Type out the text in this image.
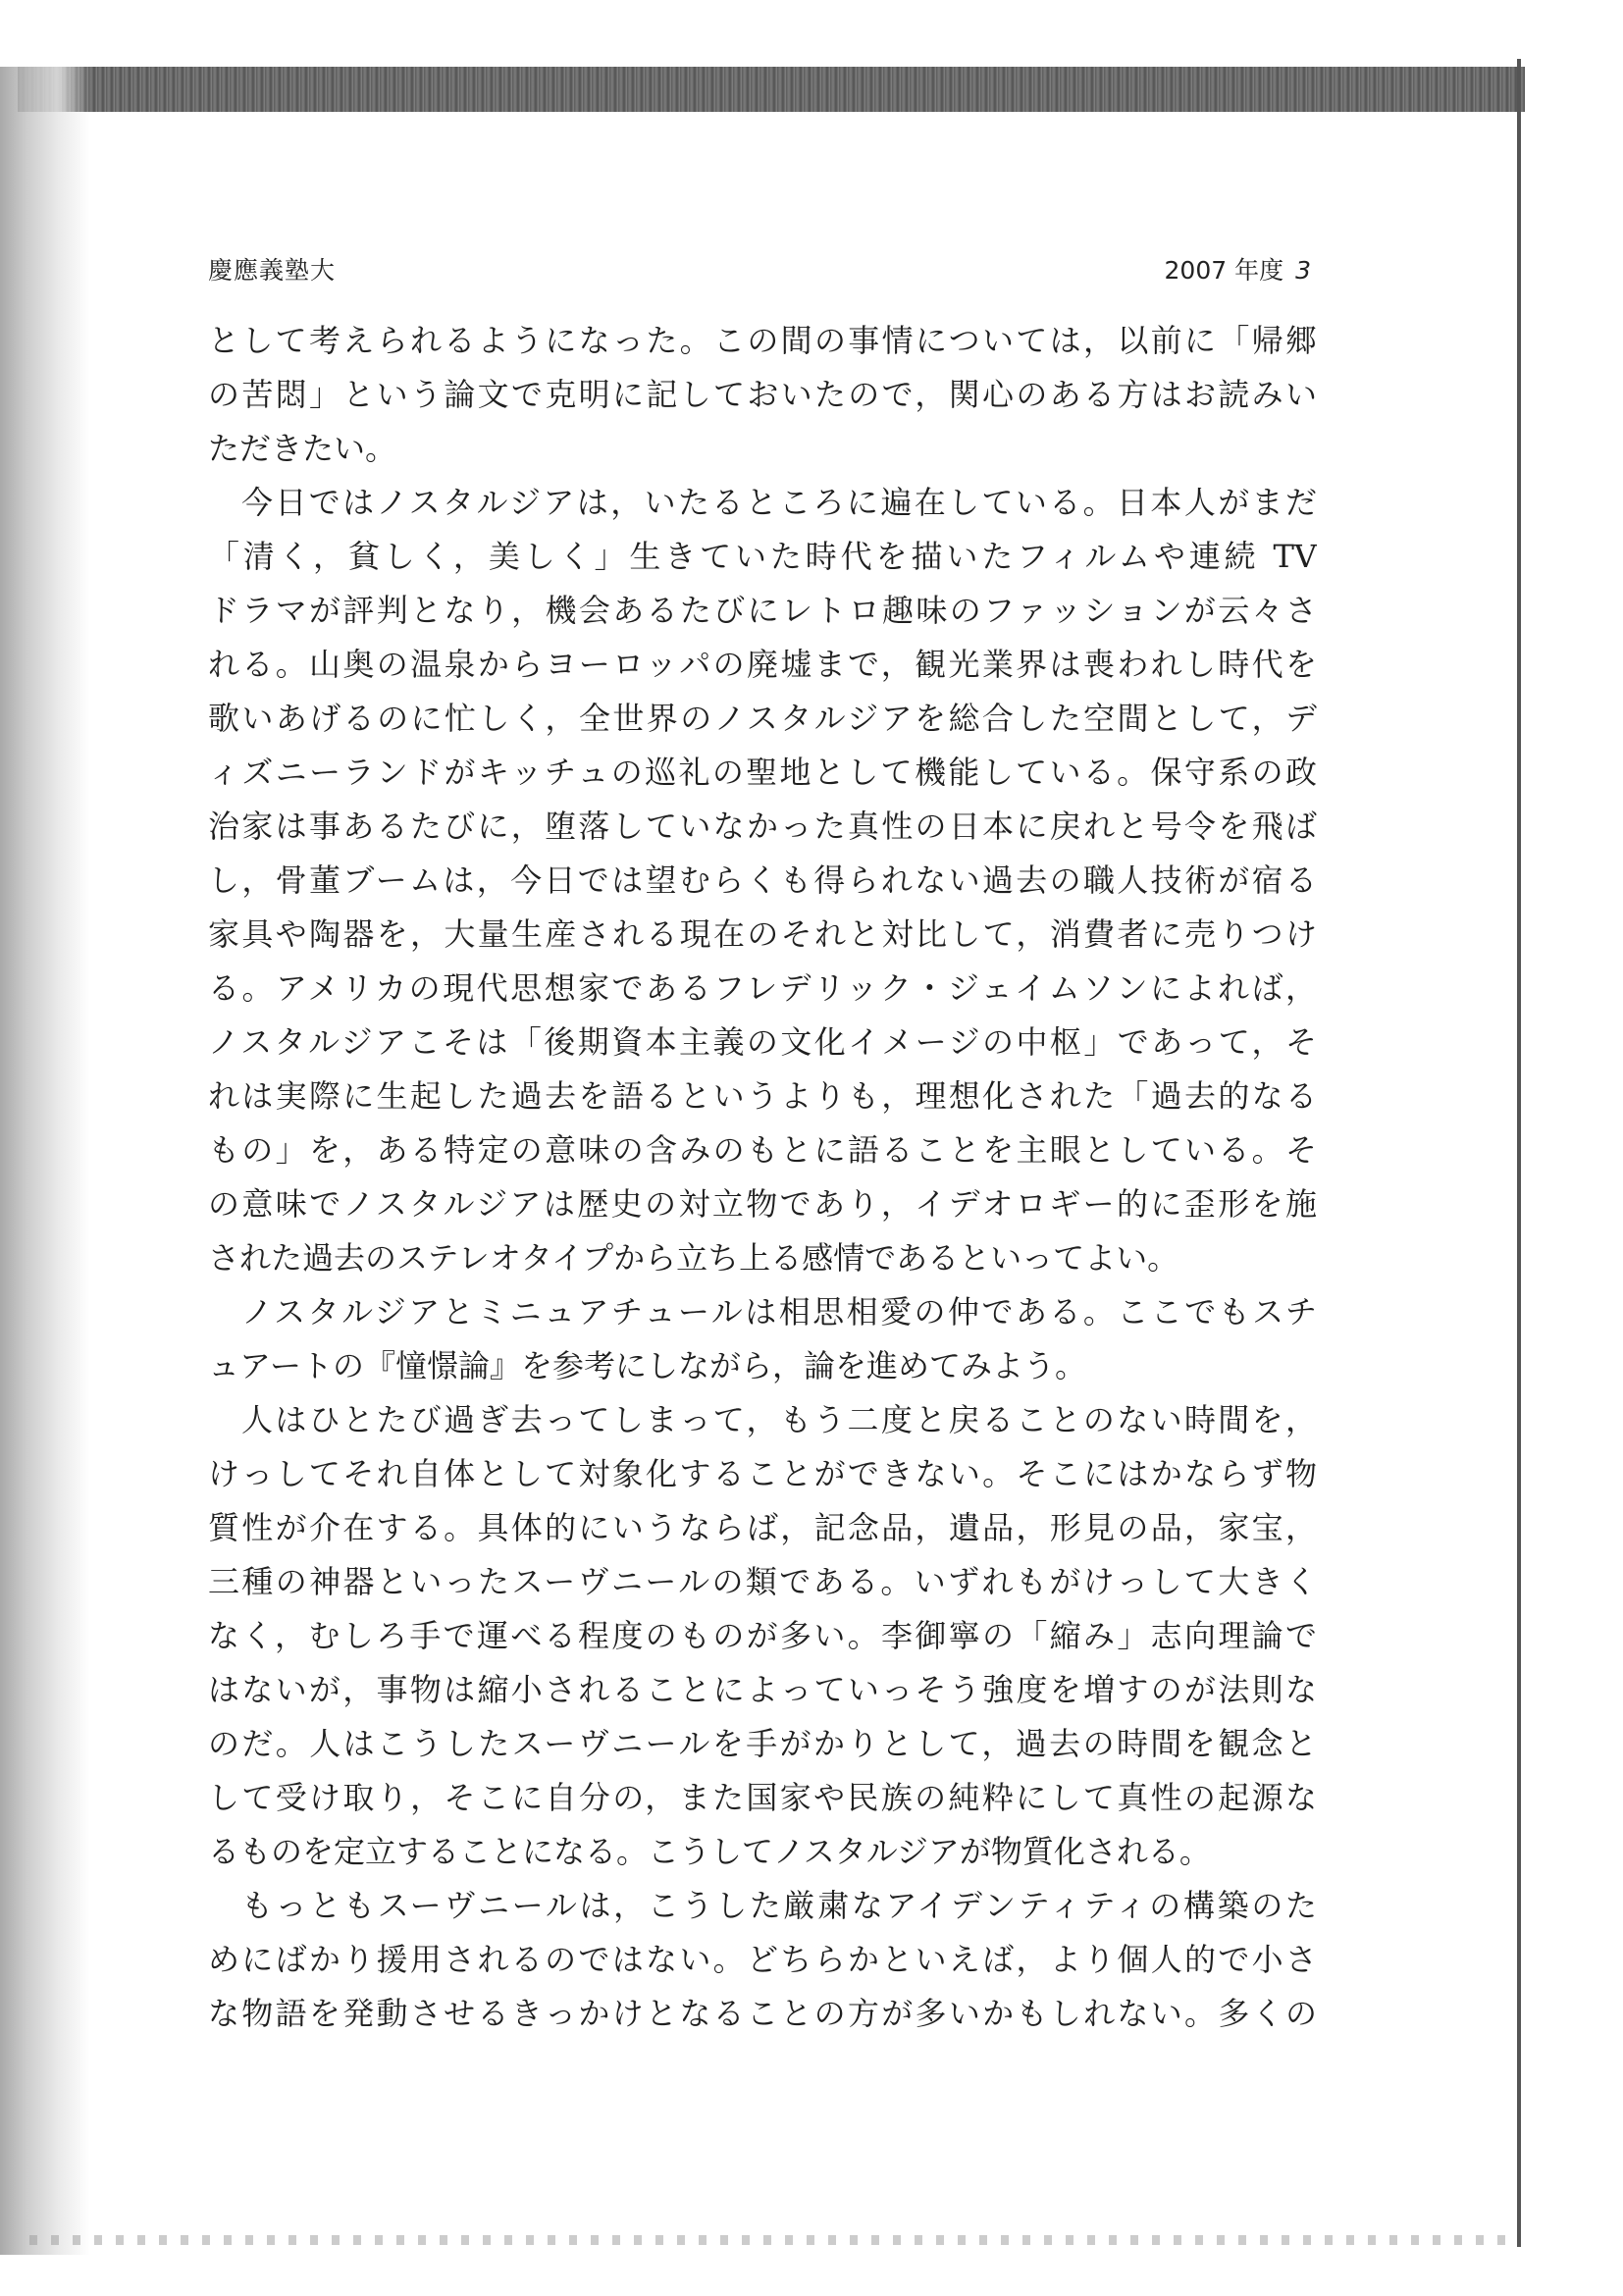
慶應義塾大	2007 年度 3
として考えられるようになった。この間の事情については，以前に「帰郷
の苦悶」という論文で克明に記しておいたので，関心のある方はお読みい
ただきたい。
今日ではノスタルジアは，いたるところに遍在している。日本人がまだ
「清く，貧しく，美しく」生きていた時代を描いたフィルムや連続 TV
ドラマが評判となり，機会あるたびにレトロ趣味のファッションが云々さ
れる。山奥の温泉からヨーロッパの廃墟まで，観光業界は喪われし時代を
歌いあげるのに忙しく，全世界のノスタルジアを総合した空間として，デ
ィズニーランドがキッチュの巡礼の聖地として機能している。保守系の政
治家は事あるたびに，堕落していなかった真性の日本に戻れと号令を飛ば
し，骨董ブームは，今日では望むらくも得られない過去の職人技術が宿る
家具や陶器を，大量生産される現在のそれと対比して，消費者に売りつけ
る。アメリカの現代思想家であるフレデリック・ジェイムソンによれば，
ノスタルジアこそは「後期資本主義の文化イメージの中枢」であって，そ
れは実際に生起した過去を語るというよりも，理想化された「過去的なる
もの」を，ある特定の意味の含みのもとに語ることを主眼としている。そ
の意味でノスタルジアは歴史の対立物であり，イデオロギー的に歪形を施
された過去のステレオタイプから立ち上る感情であるといってよい。
ノスタルジアとミニュアチュールは相思相愛の仲である。ここでもスチ
ュアートの『憧憬論』を参考にしながら，論を進めてみよう。
人はひとたび過ぎ去ってしまって，もう二度と戻ることのない時間を，
けっしてそれ自体として対象化することができない。そこにはかならず物
質性が介在する。具体的にいうならば，記念品，遺品，形見の品，家宝，
三種の神器といったスーヴニールの類である。いずれもがけっして大きく
なく，むしろ手で運べる程度のものが多い。李御寧の「縮み」志向理論で
はないが，事物は縮小されることによっていっそう強度を増すのが法則な
のだ。人はこうしたスーヴニールを手がかりとして，過去の時間を観念と
して受け取り，そこに自分の，また国家や民族の純粋にして真性の起源な
るものを定立することになる。こうしてノスタルジアが物質化される。
もっともスーヴニールは，こうした厳粛なアイデンティティの構築のた
めにばかり援用されるのではない。どちらかといえば，より個人的で小さ
な物語を発動させるきっかけとなることの方が多いかもしれない。多くの
